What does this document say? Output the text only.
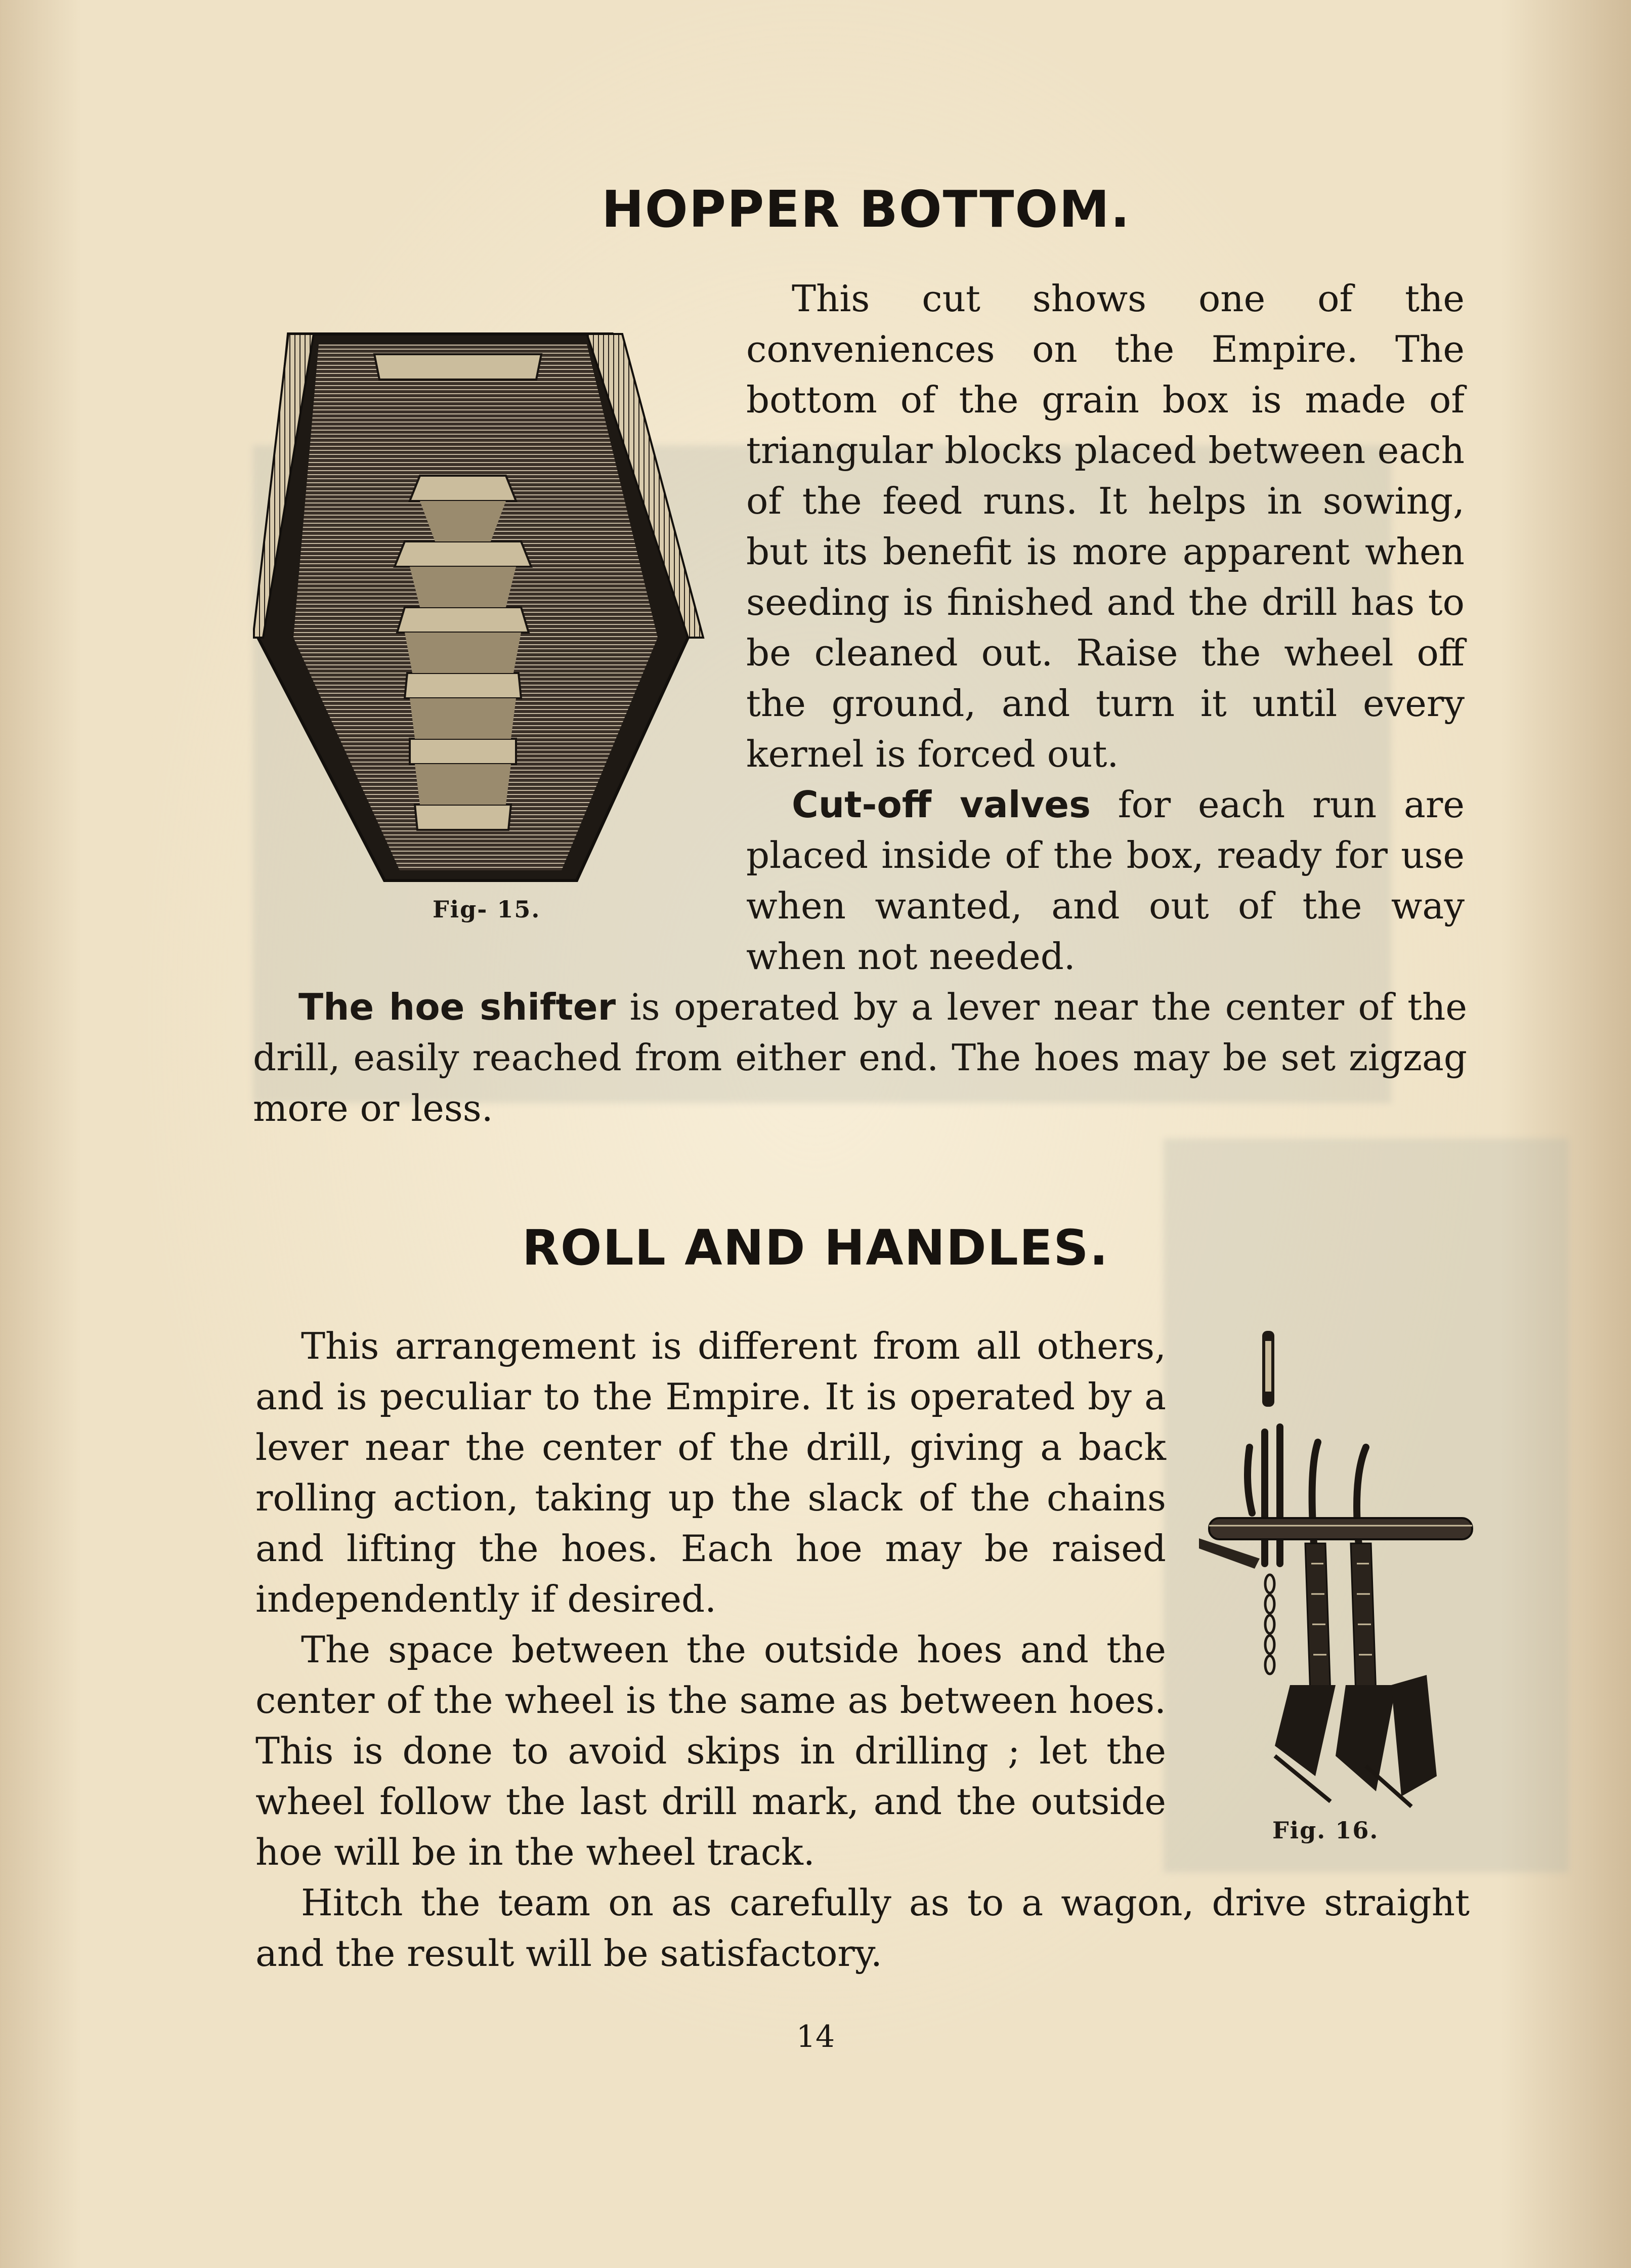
HOPPER BOTTOM.
Fig- 15.
This cut shows one of the conveniences on the Empire. The bottom of the grain box is made of triangular blocks placed between each of the feed runs. It helps in sowing, but its benefit is more apparent when seeding is finished and the drill has to be cleaned out. Raise the wheel off the ground, and turn it until every kernel is forced out.
Cut-off valves for each run are placed inside of the box, ready for use when wanted, and out of the way when not needed.
The hoe shifter is operated by a lever near the center of the drill, easily reached from either end. The hoes may be set zigzag more or less.
ROLL AND HANDLES.
This arrangement is different from all others, and is peculiar to the Empire. It is operated by a lever near the center of the drill, giving a back rolling action, taking up the slack of the chains and lifting the hoes. Each hoe may be raised independently if desired.
The space between the outside hoes and the center of the wheel is the same as between hoes. This is done to avoid skips in drilling ; let the wheel follow the last drill mark, and the outside hoe will be in the wheel track.
Hitch the team on as carefully as to a wagon, drive straight and the result will be satisfactory.
Fig. 16.
14
